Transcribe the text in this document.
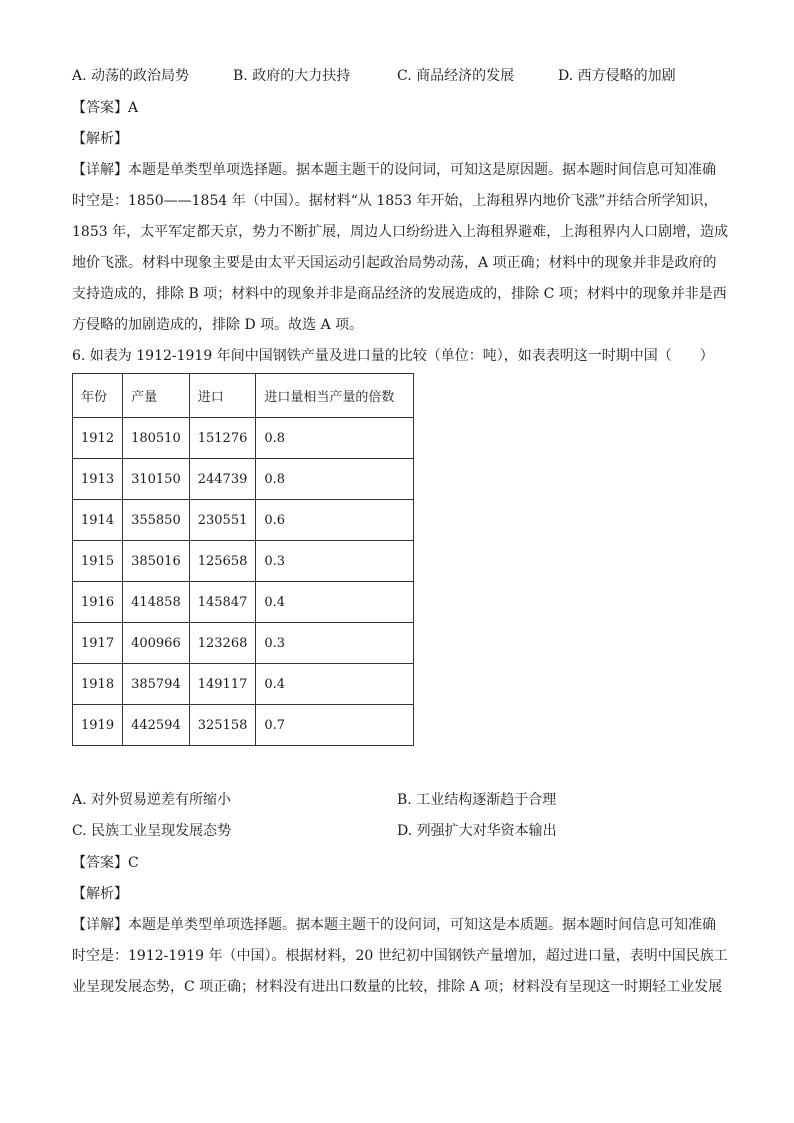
A. 动荡的政治局势	B. 政府的大力扶持	C. 商品经济的发展	D. 西方侵略的加剧
【答案】A
【解析】
【详解】本题是单类型单项选择题。据本题主题干的设问词，可知这是原因题。据本题时间信息可知准确
时空是：1850——1854 年（中国）。据材料“从 1853 年开始，上海租界内地价飞涨”并结合所学知识，
1853 年，太平军定都天京，势力不断扩展，周边人口纷纷进入上海租界避难，上海租界内人口剧增，造成
地价飞涨。材料中现象主要是由太平天国运动引起政治局势动荡，A 项正确；材料中的现象并非是政府的
支持造成的，排除 B 项；材料中的现象并非是商品经济的发展造成的，排除 C 项；材料中的现象并非是西
方侵略的加剧造成的，排除 D 项。故选 A 项。
6. 如表为 1912-1919 年间中国钢铁产量及进口量的比较（单位：吨），如表表明这一时期中国（　　）
年份	产量	进口	进口量相当产量的倍数
1912	180510	151276	0.8
1913	310150	244739	0.8
1914	355850	230551	0.6
1915	385016	125658	0.3
1916	414858	145847	0.4
1917	400966	123268	0.3
1918	385794	149117	0.4
1919	442594	325158	0.7
A. 对外贸易逆差有所缩小	B. 工业结构逐渐趋于合理
C. 民族工业呈现发展态势	D. 列强扩大对华资本输出
【答案】C
【解析】
【详解】本题是单类型单项选择题。据本题主题干的设问词，可知这是本质题。据本题时间信息可知准确
时空是：1912-1919 年（中国）。根据材料，20 世纪初中国钢铁产量增加，超过进口量，表明中国民族工
业呈现发展态势，C 项正确；材料没有进出口数量的比较，排除 A 项；材料没有呈现这一时期轻工业发展
